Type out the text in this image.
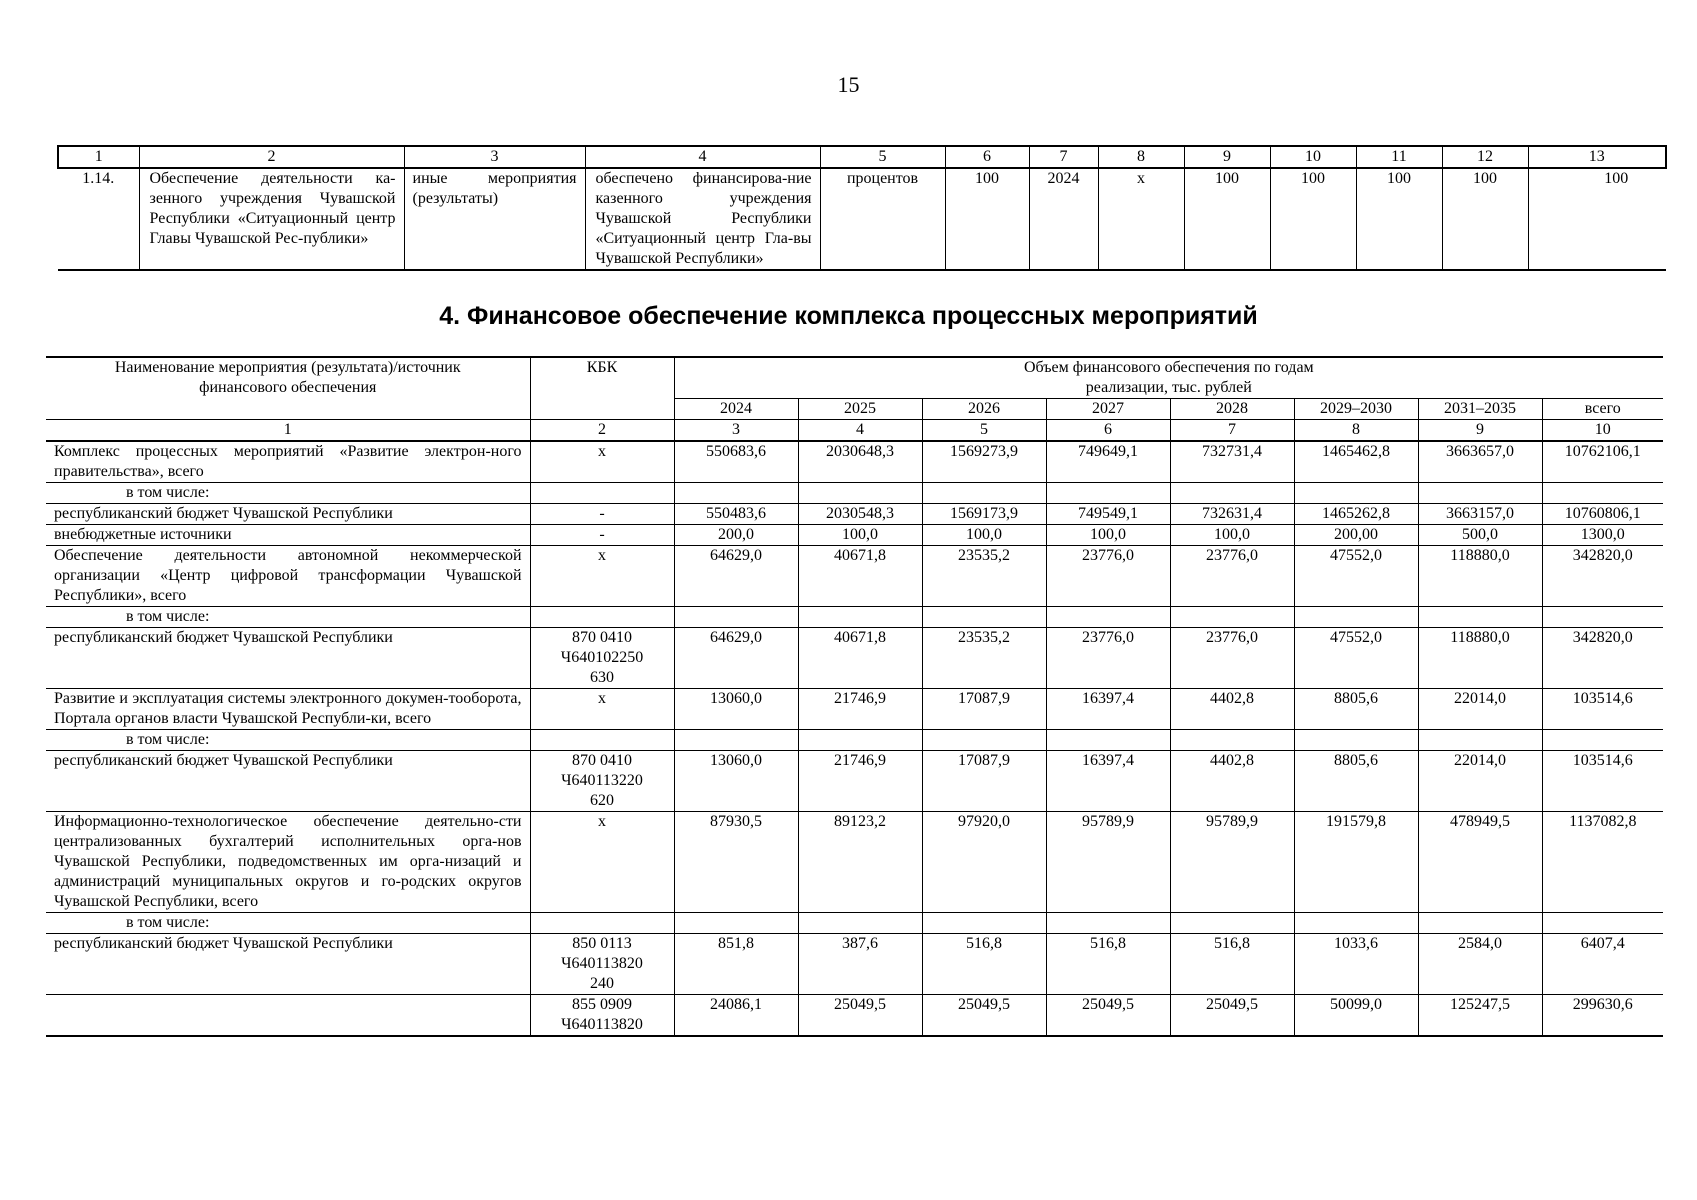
15
1	2	3	4	5	6	7	8	9	10	11	12	13
1.14.	Обеспечение деятельности ка-зенного учреждения Чувашской Республики «Ситуационный центр Главы Чувашской Рес-публики»	иные мероприятия (результаты)	обеспечено финансирова-ние казенного учреждения Чувашской Республики «Ситуационный центр Гла-вы Чувашской Республики»	процентов	100	2024	х	100	100	100	100	100
4. Финансовое обеспечение комплекса процессных мероприятий
Наименование мероприятия (результата)/источник финансового обеспечения	КБК	Объем финансового обеспечения по годам
реализации, тыс. рублей							

		2024	2025	2026	2027	2028	2029–2030	2031–2035	всего
1	2	3	4	5	6	7	8	9	10
Комплекс процессных мероприятий «Развитие электрон-ного правительства», всего	х	550683,6	2030648,3	1569273,9	749649,1	732731,4	1465462,8	3663657,0	10762106,1
в том числе:									
республиканский бюджет Чувашской Республики	-	550483,6	2030548,3	1569173,9	749549,1	732631,4	1465262,8	3663157,0	10760806,1
внебюджетные источники	-	200,0	100,0	100,0	100,0	100,0	200,00	500,0	1300,0
Обеспечение деятельности автономной некоммерческой организации «Центр цифровой трансформации Чувашской Республики», всего	х	64629,0	40671,8	23535,2	23776,0	23776,0	47552,0	118880,0	342820,0
в том числе:									
республиканский бюджет Чувашской Республики	870 0410 Ч640102250 630	64629,0	40671,8	23535,2	23776,0	23776,0	47552,0	118880,0	342820,0
Развитие и эксплуатация системы электронного докумен-тооборота, Портала органов власти Чувашской Республи-ки, всего	х	13060,0	21746,9	17087,9	16397,4	4402,8	8805,6	22014,0	103514,6
в том числе:									
республиканский бюджет Чувашской Республики	870 0410 Ч640113220 620	13060,0	21746,9	17087,9	16397,4	4402,8	8805,6	22014,0	103514,6
Информационно-технологическое обеспечение деятельно-сти централизованных бухгалтерий исполнительных орга-нов Чувашской Республики, подведомственных им орга-низаций и администраций муниципальных округов и го-родских округов Чувашской Республики, всего	х	87930,5	89123,2	97920,0	95789,9	95789,9	191579,8	478949,5	1137082,8
в том числе:									
республиканский бюджет Чувашской Республики	850 0113 Ч640113820 240	851,8	387,6	516,8	516,8	516,8	1033,6	2584,0	6407,4
	855 0909 Ч640113820	24086,1	25049,5	25049,5	25049,5	25049,5	50099,0	125247,5	299630,6
